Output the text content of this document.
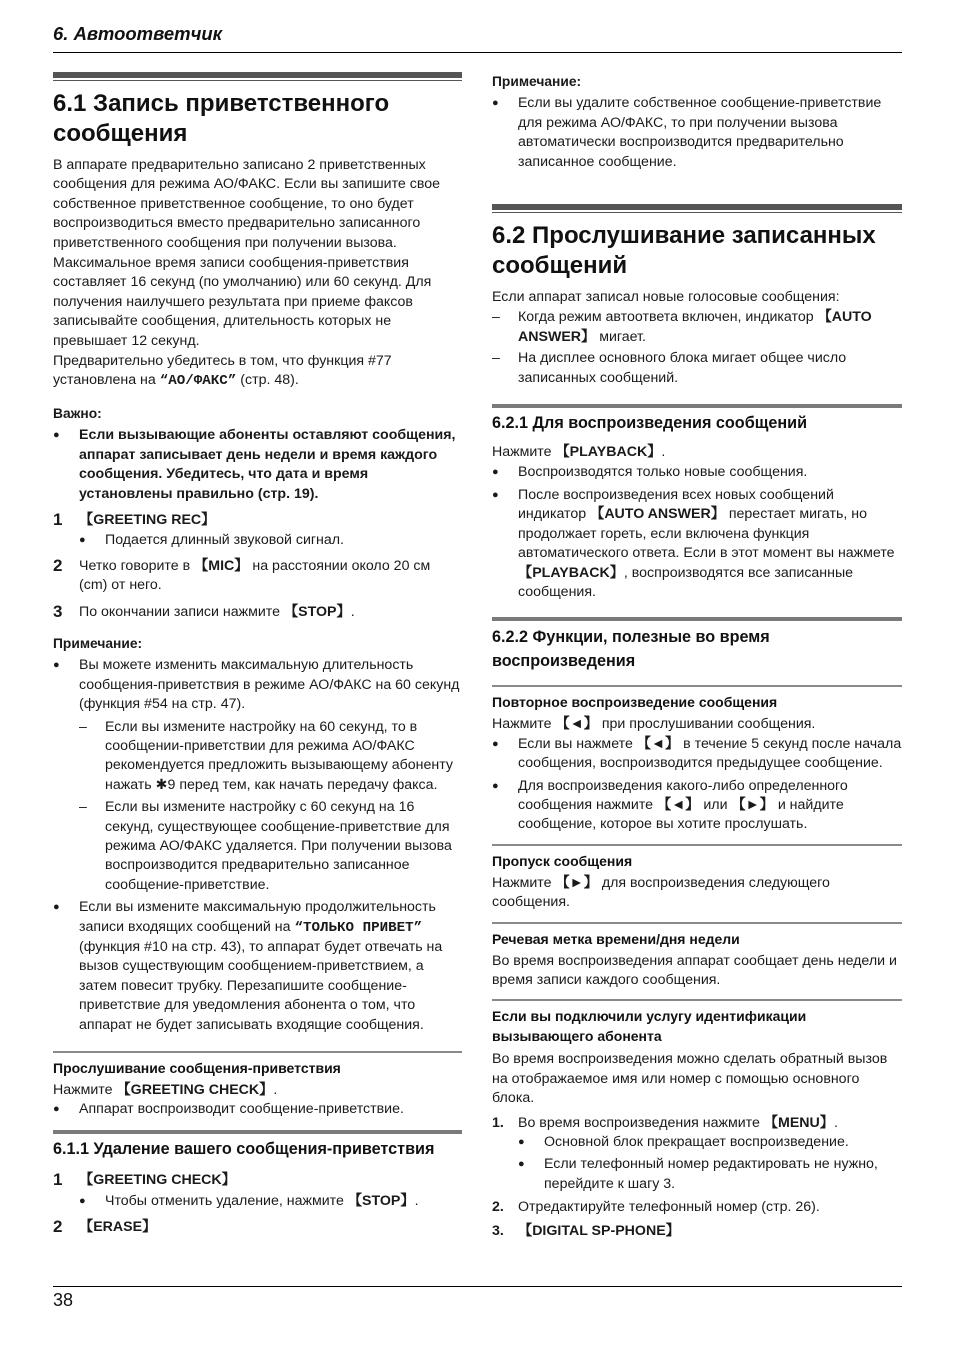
6. Автоответчик
6.1 Запись приветственного сообщения

В аппарате предварительно записано 2 приветственных сообщения для режима АО/ФАКС. Если вы запишите свое собственное приветственное сообщение, то оно будет воспроизводиться вместо предварительно записанного приветственного сообщения при получении вызова.

Максимальное время записи сообщения-приветствия составляет 16 секунд (по умолчанию) или 60 секунд. Для получения наилучшего результата при приеме факсов записывайте сообщения, длительность которых не превышает 12 секунд.

Предварительно убедитесь в том, что функция #77 установлена на “AO/ФАКС” (стр. 48).

Важно:

● Если вызывающие абоненты оставляют сообщения, аппарат записывает день недели и время каждого сообщения. Убедитесь, что дата и время установлены правильно (стр. 19).

1 【GREETING REC】

● Подается длинный звуковой сигнал.

2 Четко говорите в 【MIC】 на расстоянии около 20 см (cm) от него.
3 По окончании записи нажмите 【STOP】.

Примечание:

● Вы можете изменить максимальную длительность сообщения-приветствия в режиме АО/ФАКС на 60 секунд (функция #54 на стр. 47).

– Если вы измените настройку на 60 секунд, то в сообщении-приветствии для режима АО/ФАКС рекомендуется предложить вызывающему абоненту нажать ✱9 перед тем, как начать передачу факса.

– Если вы измените настройку с 60 секунд на 16 секунд, существующее сообщение-приветствие для режима АО/ФАКС удаляется. При получении вызова воспроизводится предварительно записанное сообщение-приветствие.

● Если вы измените максимальную продолжительность записи входящих сообщений на “ТОЛЬКО ПРИВЕТ” (функция #10 на стр. 43), то аппарат будет отвечать на вызов существующим сообщением-приветствием, а затем повесит трубку. Перезапишите сообщение-приветствие для уведомления абонента о том, что аппарат не будет записывать входящие сообщения.

Прослушивание сообщения-приветствия

Нажмите 【GREETING CHECK】.

● Аппарат воспроизводит сообщение-приветствие.

6.1.1 Удаление вашего сообщения-приветствия

1 【GREETING CHECK】

● Чтобы отменить удаление, нажмите 【STOP】.

2 【ERASE】

Примечание:

● Если вы удалите собственное сообщение-приветствие для режима АО/ФАКС, то при получении вызова автоматически воспроизводится предварительно записанное сообщение.

6.2 Прослушивание записанных сообщений

Если аппарат записал новые голосовые сообщения:

– Когда режим автоответа включен, индикатор 【AUTO ANSWER】 мигает.

– На дисплее основного блока мигает общее число записанных сообщений.

6.2.1 Для воспроизведения сообщений

Нажмите 【PLAYBACK】.

● Воспроизводятся только новые сообщения.

● После воспроизведения всех новых сообщений индикатор 【AUTO ANSWER】 перестает мигать, но продолжает гореть, если включена функция автоматического ответа. Если в этот момент вы нажмете 【PLAYBACK】, воспроизводятся все записанные сообщения.

6.2.2 Функции, полезные во время воспроизведения

Повторное воспроизведение сообщения

Нажмите 【◄】 при прослушивании сообщения.

● Если вы нажмете 【◄】 в течение 5 секунд после начала сообщения, воспроизводится предыдущее сообщение.

● Для воспроизведения какого-либо определенного сообщения нажмите 【◄】 или 【►】 и найдите сообщение, которое вы хотите прослушать.

Пропуск сообщения

Нажмите 【►】 для воспроизведения следующего сообщения.

Речевая метка времени/дня недели

Во время воспроизведения аппарат сообщает день недели и время записи каждого сообщения.

Если вы подключили услугу идентификации вызывающего абонента

Во время воспроизведения можно сделать обратный вызов на отображаемое имя или номер с помощью основного блока.

1. Во время воспроизведения нажмите 【MENU】.

● Основной блок прекращает воспроизведение.

● Если телефонный номер редактировать не нужно, перейдите к шагу 3.

2. Отредактируйте телефонный номер (стр. 26).
3. 【DIGITAL SP-PHONE】
38
